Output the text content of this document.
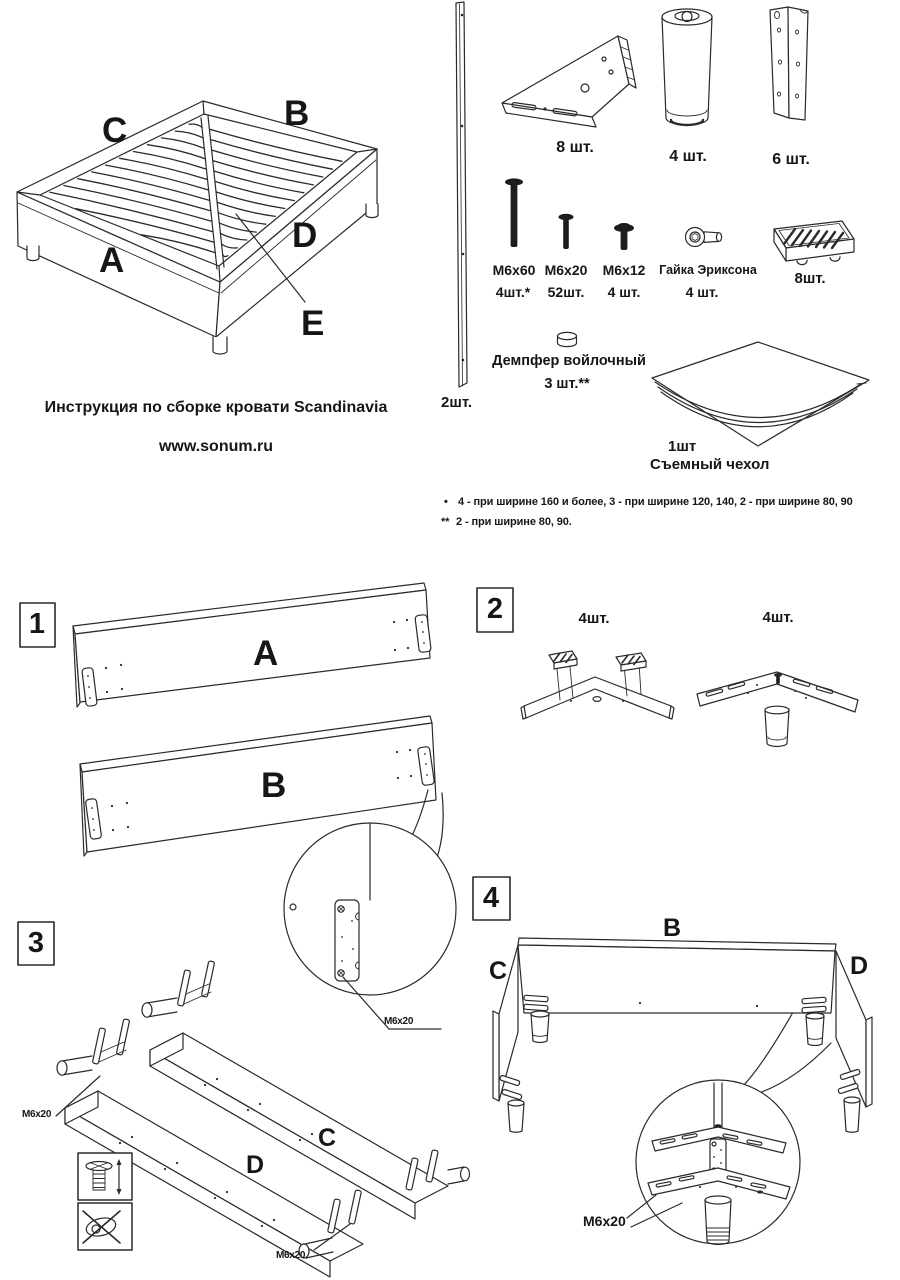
Инструкция по сборке кровати Scandinavia
www.sonum.ru
C	B
A
D
E
2шт.
8 шт.
4 шт.	6 шт.
М6х60
4шт.*
М6х20
52шт.
М6х12
4 шт.
Гайка Эриксона
4 шт.
8шт.
Демпфер войлочный
3 шт.**
1шт
Съемный чехол
• 4 - при ширине 160 и более, 3 - при ширине 120, 140, 2 - при ширине 80, 90
** 2 - при ширине 80, 90.
1	2
3
4
A
B
M6x20
4шт.	4шт.
M6x20
C
D
M6x20
B
C	D
M6x20
